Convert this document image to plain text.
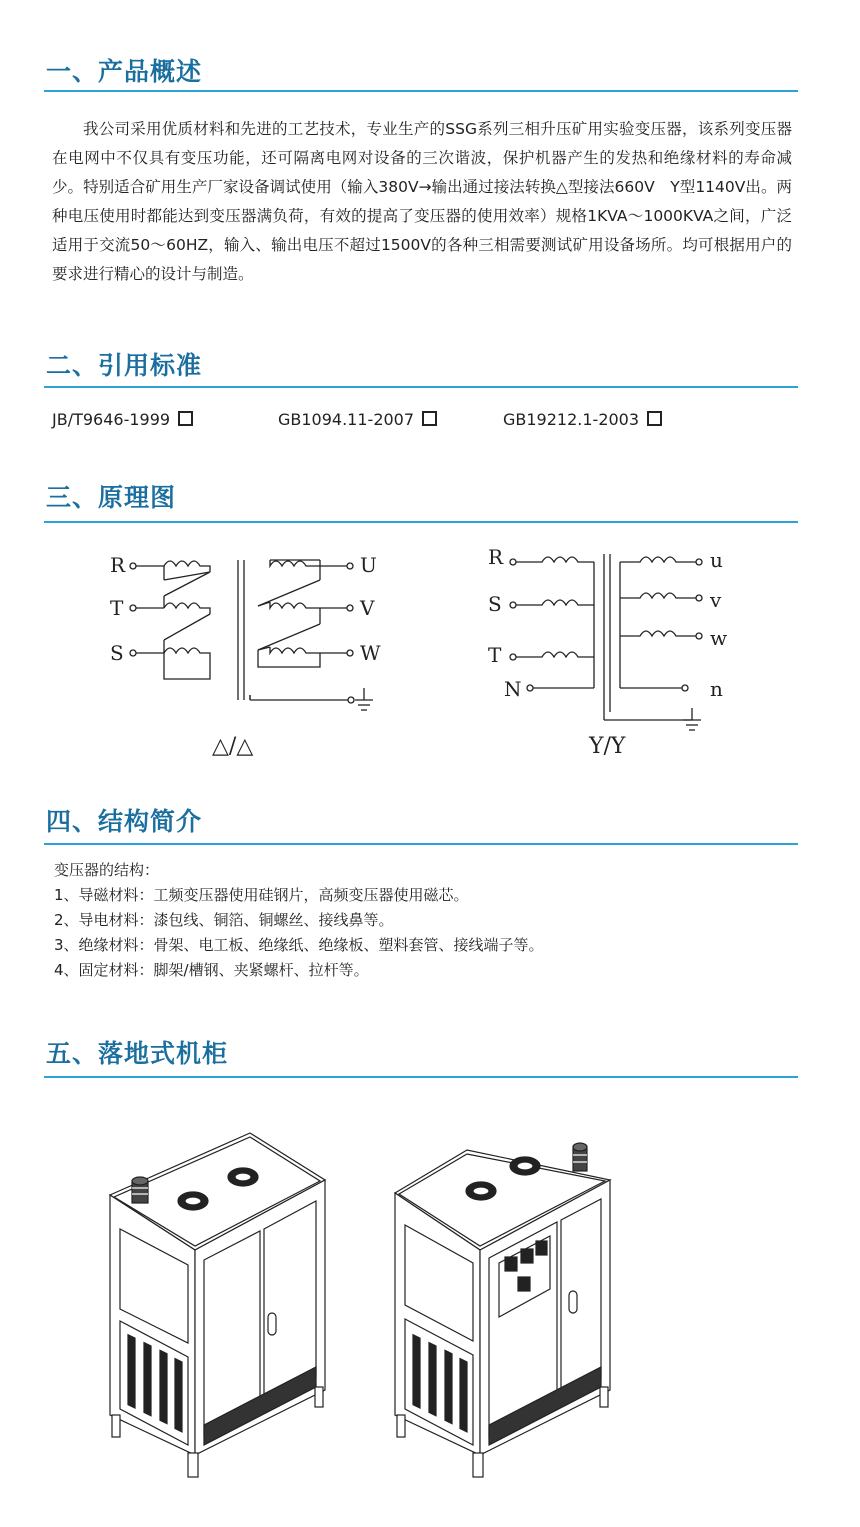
一、产品概述

我公司采用优质材料和先进的工艺技术，专业生产的SSG系列三相升压矿用实验变压器，该系列变压器在电网中不仅具有变压功能，还可隔离电网对设备的三次谐波，保护机器产生的发热和绝缘材料的寿命减少。特别适合矿用生产厂家设备调试使用（输入380V→输出通过接法转换△型接法660V　Y型1140V出。两种电压使用时都能达到变压器满负荷，有效的提高了变压器的使用效率）规格1KVA～1000KVA之间，广泛适用于交流50～60HZ，输入、输出电压不超过1500V的各种三相需要测试矿用设备场所。均可根据用户的要求进行精心的设计与制造。

二、引用标准
JB/T9646-1999	GB1094.11-2007	GB19212.1-2003
三、原理图
R
T
S
U
V
W
△/△
R
S
T
N
u
v
w
n
Y/Y
四、结构简介
变压器的结构：
1、导磁材料：工频变压器使用硅钢片，高频变压器使用磁芯。
2、导电材料：漆包线、铜箔、铜螺丝、接线鼻等。
3、绝缘材料：骨架、电工板、绝缘纸、绝缘板、塑料套管、接线端子等。
4、固定材料：脚架/槽钢、夹紧螺杆、拉杆等。
五、落地式机柜
